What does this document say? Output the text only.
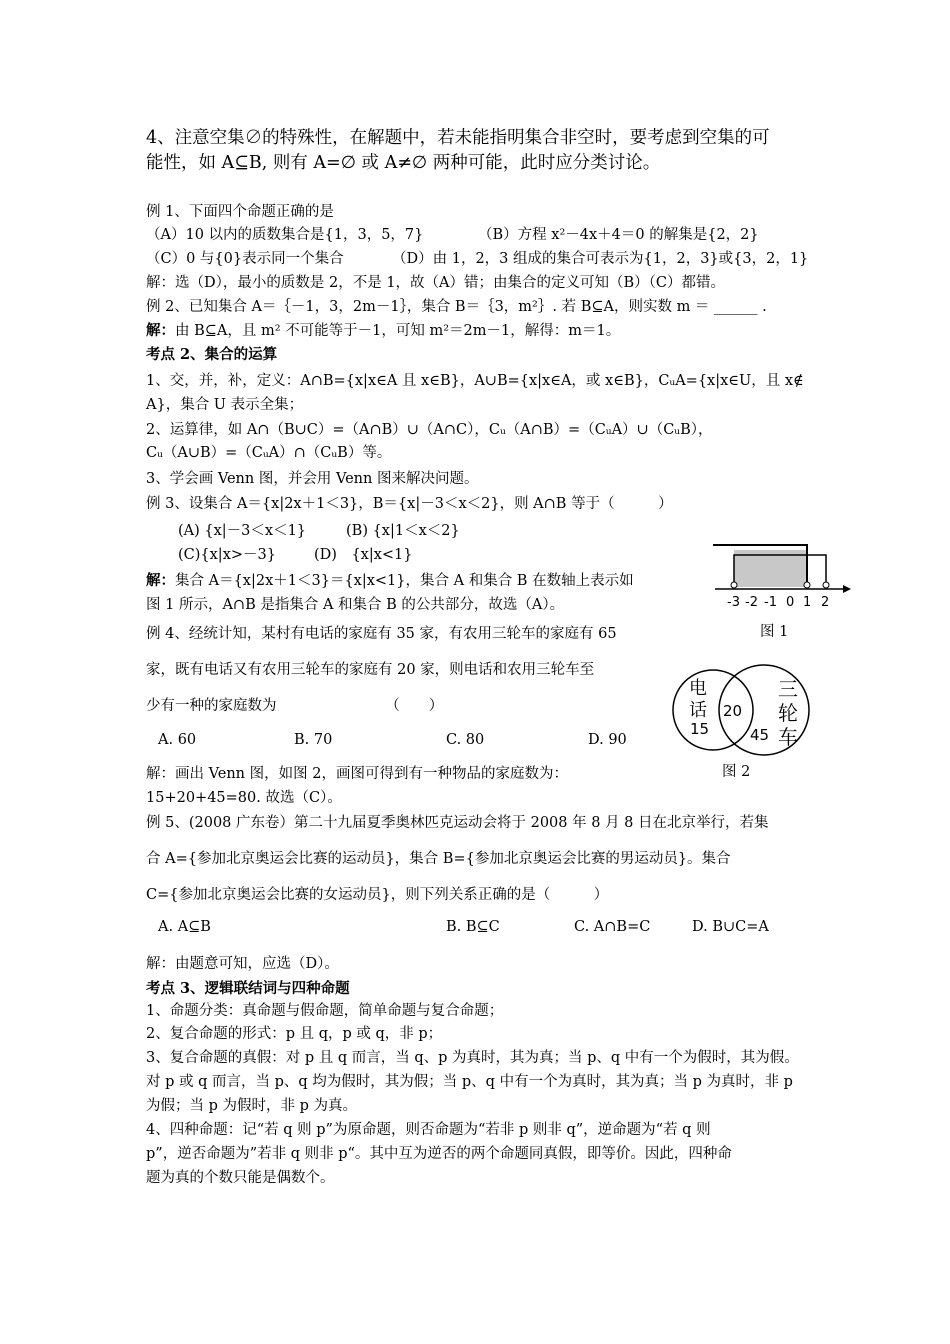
4、注意空集∅的特殊性，在解题中，若未能指明集合非空时，要考虑到空集的可
能性，如 A⊆B, 则有 A=∅ 或 A≠∅ 两种可能，此时应分类讨论。
例 1、下面四个命题正确的是
（A）10 以内的质数集合是{1，3，5，7}	（B）方程 x²－4x＋4＝0 的解集是{2，2}
（C）0 与{0}表示同一个集合	（D）由 1，2，3 组成的集合可表示为{1，2，3}或{3，2，1}
解：选（D），最小的质数是 2，不是 1，故（A）错；由集合的定义可知（B）（C）都错。
例 2、已知集合 A＝｛－1，3，2m－1｝，集合 B＝｛3，m²｝. 若 B⊆A，则实数 m ＝ ______ .
解：由 B⊆A，且 m² 不可能等于－1，可知 m²＝2m－1，解得：m＝1。
考点 2、集合的运算
1、交，并，补，定义：A∩B={x|x∈A 且 x∈B}，A∪B={x|x∈A，或 x∈B}，CᵤA={x|x∈U，且 x∉
A}，集合 U 表示全集；
2、运算律，如 A∩（B∪C）=（A∩B）∪（A∩C），Cᵤ（A∩B）=（CᵤA）∪（CᵤB），
Cᵤ（A∪B）=（CᵤA）∩（CᵤB）等。
3、学会画 Venn 图，并会用 Venn 图来解决问题。
例 3、设集合 A＝{x|2x＋1＜3}，B＝{x|－3＜x＜2}，则 A∩B 等于（　　　）
(A) {x|－3＜x＜1}	(B) {x|1＜x＜2}
(C){x|x>－3}	(D)　{x|x<1}
解：集合 A＝{x|2x＋1＜3}＝{x|x<1}，集合 A 和集合 B 在数轴上表示如
图 1 所示，A∩B 是指集合 A 和集合 B 的公共部分，故选（A）。	-3 -2 -1 0 1 2
图 1
例 4、经统计知，某村有电话的家庭有 35 家，有农用三轮车的家庭有 65
家，既有电话又有农用三轮车的家庭有 20 家，则电话和农用三轮车至
少有一种的家庭数为　　　　　　　　（　　）
A. 60	B. 70	C. 80	D. 90
解：画出 Venn 图，如图 2，画图可得到有一种物品的家庭数为：
15+20+45=80. 故选（C）。
电
话
15
20
三
轮
车
45
图 2
例 5、(2008 广东卷）第二十九届夏季奥林匹克运动会将于 2008 年 8 月 8 日在北京举行，若集
合 A={参加北京奥运会比赛的运动员}，集合 B={参加北京奥运会比赛的男运动员}。集合
C={参加北京奥运会比赛的女运动员}，则下列关系正确的是（　　　）
A. A⊆B	B. B⊆C	C. A∩B=C	D. B∪C=A
解：由题意可知，应选（D）。
考点 3、逻辑联结词与四种命题
1、命题分类：真命题与假命题，简单命题与复合命题；
2、复合命题的形式：p 且 q，p 或 q，非 p；
3、复合命题的真假：对 p 且 q 而言，当 q、p 为真时，其为真；当 p、q 中有一个为假时，其为假。
对 p 或 q 而言，当 p、q 均为假时，其为假；当 p、q 中有一个为真时，其为真；当 p 为真时，非 p
为假；当 p 为假时，非 p 为真。
4、四种命题：记“若 q 则 p”为原命题，则否命题为“若非 p 则非 q”，逆命题为“若 q 则
p”，逆否命题为”若非 q 则非 p“。其中互为逆否的两个命题同真假，即等价。因此，四种命
题为真的个数只能是偶数个。
